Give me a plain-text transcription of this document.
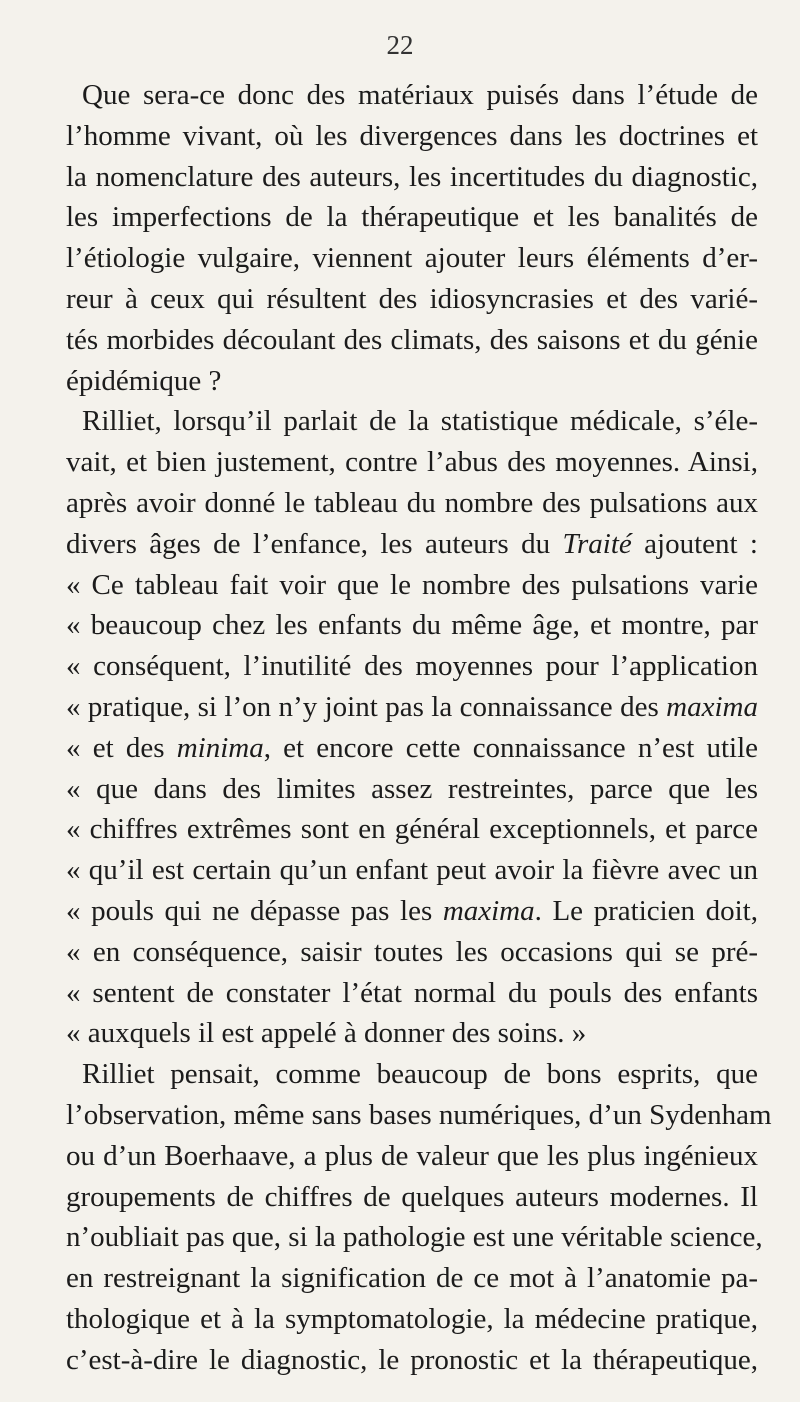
22
Que sera-ce donc des matériaux puisés dans l’étude de
l’homme vivant, où les divergences dans les doctrines et
la nomenclature des auteurs, les incertitudes du diagnostic,
les imperfections de la thérapeutique et les banalités de
l’étiologie vulgaire, viennent ajouter leurs éléments d’er-
reur à ceux qui résultent des idiosyncrasies et des varié-
tés morbides découlant des climats, des saisons et du génie
épidémique ?
Rilliet, lorsqu’il parlait de la statistique médicale, s’éle-
vait, et bien justement, contre l’abus des moyennes. Ainsi,
après avoir donné le tableau du nombre des pulsations aux
divers âges de l’enfance, les auteurs du Traité ajoutent :
« Ce tableau fait voir que le nombre des pulsations varie
« beaucoup chez les enfants du même âge, et montre, par
« conséquent, l’inutilité des moyennes pour l’application
« pratique, si l’on n’y joint pas la connaissance des maxima
« et des minima, et encore cette connaissance n’est utile
« que dans des limites assez restreintes, parce que les
« chiffres extrêmes sont en général exceptionnels, et parce
« qu’il est certain qu’un enfant peut avoir la fièvre avec un
« pouls qui ne dépasse pas les maxima. Le praticien doit,
« en conséquence, saisir toutes les occasions qui se pré-
« sentent de constater l’état normal du pouls des enfants
« auxquels il est appelé à donner des soins. »
Rilliet pensait, comme beaucoup de bons esprits, que
l’observation, même sans bases numériques, d’un Sydenham
ou d’un Boerhaave, a plus de valeur que les plus ingénieux
groupements de chiffres de quelques auteurs modernes. Il
n’oubliait pas que, si la pathologie est une véritable science,
en restreignant la signification de ce mot à l’anatomie pa-
thologique et à la symptomatologie, la médecine pratique,
c’est-à-dire le diagnostic, le pronostic et la thérapeutique,
